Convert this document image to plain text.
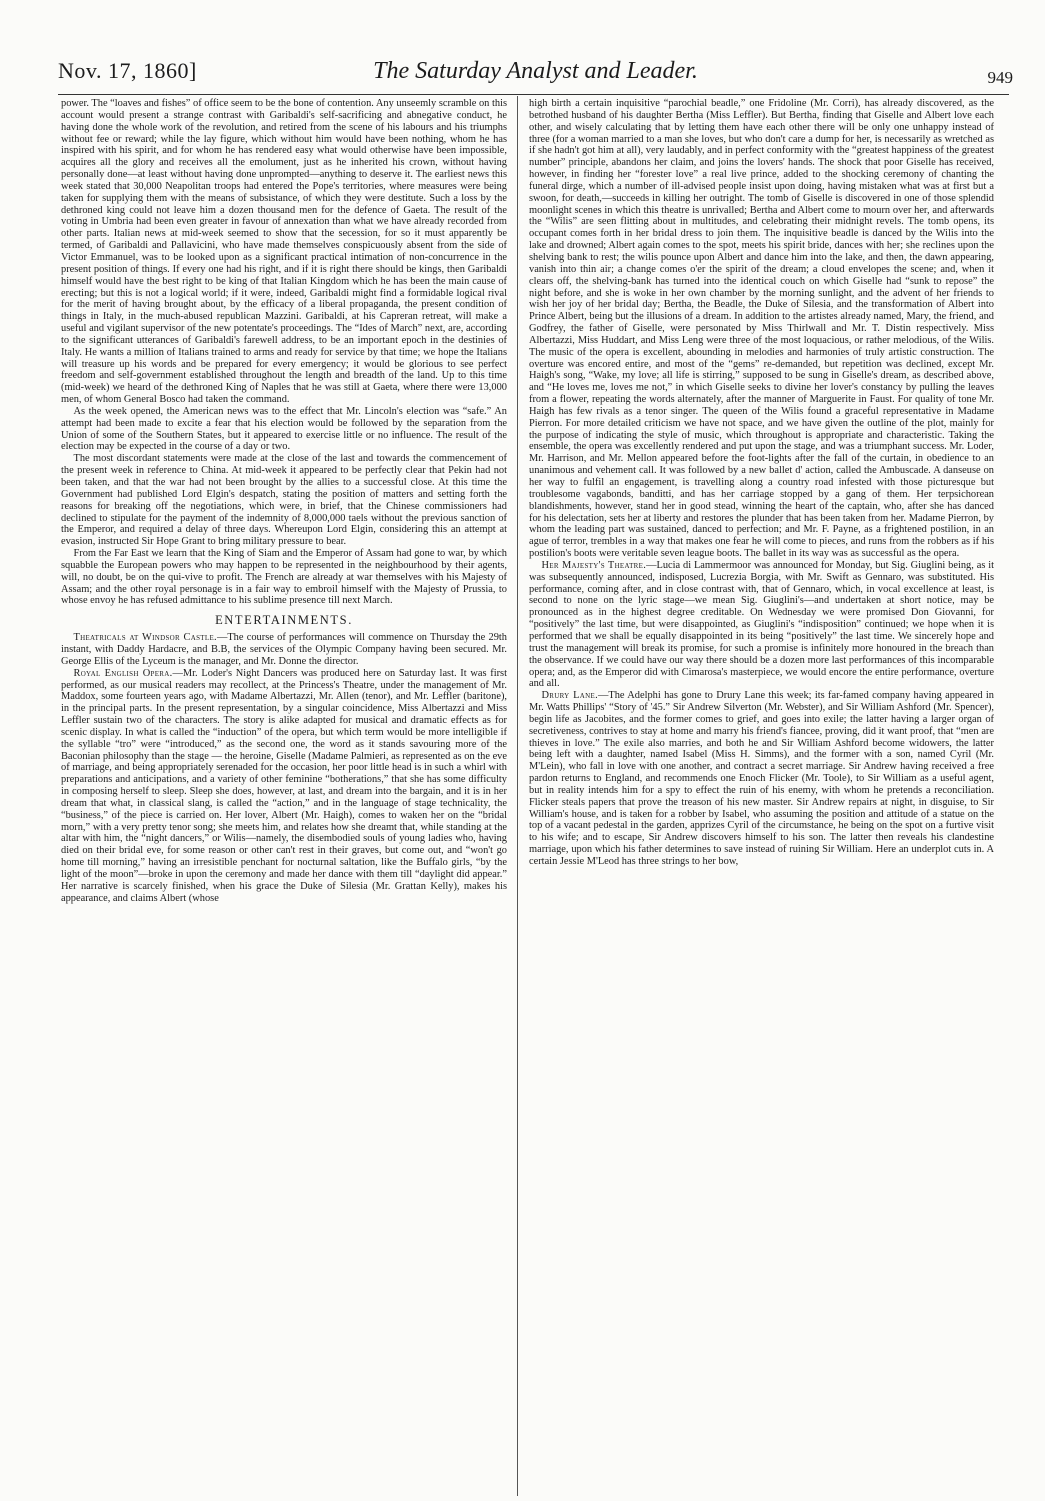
Nov. 17, 1860]	The Saturday Analyst and Leader.	949

power. The “loaves and fishes” of office seem to be the bone of contention. Any unseemly scramble on this account would present a strange contrast with Garibaldi's self-sacrificing and abnegative conduct, he having done the whole work of the revolution, and retired from the scene of his labours and his triumphs without fee or reward; while the lay figure, which without him would have been nothing, whom he has inspired with his spirit, and for whom he has rendered easy what would otherwise have been impossible, acquires all the glory and receives all the emolument, just as he inherited his crown, without having personally done—at least without having done unprompted—anything to deserve it. The earliest news this week stated that 30,000 Neapolitan troops had entered the Pope's territories, where measures were being taken for supplying them with the means of subsistance, of which they were destitute. Such a loss by the dethroned king could not leave him a dozen thousand men for the defence of Gaeta. The result of the voting in Umbria had been even greater in favour of annexation than what we have already recorded from other parts. Italian news at mid-week seemed to show that the secession, for so it must apparently be termed, of Garibaldi and Pallavicini, who have made themselves conspicuously absent from the side of Victor Emmanuel, was to be looked upon as a significant practical intimation of non-concurrence in the present position of things. If every one had his right, and if it is right there should be kings, then Garibaldi himself would have the best right to be king of that Italian Kingdom which he has been the main cause of erecting; but this is not a logical world; if it were, indeed, Garibaldi might find a formidable logical rival for the merit of having brought about, by the efficacy of a liberal propaganda, the present condition of things in Italy, in the much-abused republican Mazzini. Garibaldi, at his Capreran retreat, will make a useful and vigilant supervisor of the new potentate's proceedings. The “Ides of March” next, are, according to the significant utterances of Garibaldi's farewell address, to be an important epoch in the destinies of Italy. He wants a million of Italians trained to arms and ready for service by that time; we hope the Italians will treasure up his words and be prepared for every emergency; it would be glorious to see perfect freedom and self-government established throughout the length and breadth of the land. Up to this time (mid-week) we heard of the dethroned King of Naples that he was still at Gaeta, where there were 13,000 men, of whom General Bosco had taken the command.

As the week opened, the American news was to the effect that Mr. Lincoln's election was “safe.” An attempt had been made to excite a fear that his election would be followed by the separation from the Union of some of the Southern States, but it appeared to exercise little or no influence. The result of the election may be expected in the course of a day or two.

The most discordant statements were made at the close of the last and towards the commencement of the present week in reference to China. At mid-week it appeared to be perfectly clear that Pekin had not been taken, and that the war had not been brought by the allies to a successful close. At this time the Government had published Lord Elgin's despatch, stating the position of matters and setting forth the reasons for breaking off the negotiations, which were, in brief, that the Chinese commissioners had declined to stipulate for the payment of the indemnity of 8,000,000 taels without the previous sanction of the Emperor, and required a delay of three days. Whereupon Lord Elgin, considering this an attempt at evasion, instructed Sir Hope Grant to bring military pressure to bear.

From the Far East we learn that the King of Siam and the Emperor of Assam had gone to war, by which squabble the European powers who may happen to be represented in the neighbourhood by their agents, will, no doubt, be on the qui-vive to profit. The French are already at war themselves with his Majesty of Assam; and the other royal personage is in a fair way to embroil himself with the Majesty of Prussia, to whose envoy he has refused admittance to his sublime presence till next March.

ENTERTAINMENTS.

Theatricals at Windsor Castle.—The course of performances will commence on Thursday the 29th instant, with Daddy Hardacre, and B.B, the services of the Olympic Company having been secured. Mr. George Ellis of the Lyceum is the manager, and Mr. Donne the director.

Royal English Opera.—Mr. Loder's Night Dancers was produced here on Saturday last. It was first performed, as our musical readers may recollect, at the Princess's Theatre, under the management of Mr. Maddox, some fourteen years ago, with Madame Albertazzi, Mr. Allen (tenor), and Mr. Leffler (baritone), in the principal parts. In the present representation, by a singular coincidence, Miss Albertazzi and Miss Leffler sustain two of the characters. The story is alike adapted for musical and dramatic effects as for scenic display. In what is called the “induction” of the opera, but which term would be more intelligible if the syllable “tro” were “introduced,” as the second one, the word as it stands savouring more of the Baconian philosophy than the stage — the heroine, Giselle (Madame Palmieri, as represented as on the eve of marriage, and being appropriately serenaded for the occasion, her poor little head is in such a whirl with preparations and anticipations, and a variety of other feminine “botherations,” that she has some difficulty in composing herself to sleep. Sleep she does, however, at last, and dream into the bargain, and it is in her dream that what, in classical slang, is called the “action,” and in the language of stage technicality, the “business,” of the piece is carried on. Her lover, Albert (Mr. Haigh), comes to waken her on the “bridal morn,” with a very pretty tenor song; she meets him, and relates how she dreamt that, while standing at the altar with him, the “night dancers,” or Wilis—namely, the disembodied souls of young ladies who, having died on their bridal eve, for some reason or other can't rest in their graves, but come out, and “won't go home till morning,” having an irresistible penchant for nocturnal saltation, like the Buffalo girls, “by the light of the moon”—broke in upon the ceremony and made her dance with them till “daylight did appear.” Her narrative is scarcely finished, when his grace the Duke of Silesia (Mr. Grattan Kelly), makes his appearance, and claims Albert (whose

high birth a certain inquisitive “parochial beadle,” one Fridoline (Mr. Corri), has already discovered, as the betrothed husband of his daughter Bertha (Miss Leffler). But Bertha, finding that Giselle and Albert love each other, and wisely calculating that by letting them have each other there will be only one unhappy instead of three (for a woman married to a man she loves, but who don't care a dump for her, is necessarily as wretched as if she hadn't got him at all), very laudably, and in perfect conformity with the “greatest happiness of the greatest number” principle, abandons her claim, and joins the lovers' hands. The shock that poor Giselle has received, however, in finding her “forester love” a real live prince, added to the shocking ceremony of chanting the funeral dirge, which a number of ill-advised people insist upon doing, having mistaken what was at first but a swoon, for death,—succeeds in killing her outright. The tomb of Giselle is discovered in one of those splendid moonlight scenes in which this theatre is unrivalled; Bertha and Albert come to mourn over her, and afterwards the “Wilis” are seen flitting about in multitudes, and celebrating their midnight revels. The tomb opens, its occupant comes forth in her bridal dress to join them. The inquisitive beadle is danced by the Wilis into the lake and drowned; Albert again comes to the spot, meets his spirit bride, dances with her; she reclines upon the shelving bank to rest; the wilis pounce upon Albert and dance him into the lake, and then, the dawn appearing, vanish into thin air; a change comes o'er the spirit of the dream; a cloud envelopes the scene; and, when it clears off, the shelving-bank has turned into the identical couch on which Giselle had “sunk to repose” the night before, and she is woke in her own chamber by the morning sunlight, and the advent of her friends to wish her joy of her bridal day; Bertha, the Beadle, the Duke of Silesia, and the transformation of Albert into Prince Albert, being but the illusions of a dream. In addition to the artistes already named, Mary, the friend, and Godfrey, the father of Giselle, were personated by Miss Thirlwall and Mr. T. Distin respectively. Miss Albertazzi, Miss Huddart, and Miss Leng were three of the most loquacious, or rather melodious, of the Wilis. The music of the opera is excellent, abounding in melodies and harmonies of truly artistic construction. The overture was encored entire, and most of the “gems” re-demanded, but repetition was declined, except Mr. Haigh's song, “Wake, my love; all life is stirring,” supposed to be sung in Giselle's dream, as described above, and “He loves me, loves me not,” in which Giselle seeks to divine her lover's constancy by pulling the leaves from a flower, repeating the words alternately, after the manner of Marguerite in Faust. For quality of tone Mr. Haigh has few rivals as a tenor singer. The queen of the Wilis found a graceful representative in Madame Pierron. For more detailed criticism we have not space, and we have given the outline of the plot, mainly for the purpose of indicating the style of music, which throughout is appropriate and characteristic. Taking the ensemble, the opera was excellently rendered and put upon the stage, and was a triumphant success. Mr. Loder, Mr. Harrison, and Mr. Mellon appeared before the foot-lights after the fall of the curtain, in obedience to an unanimous and vehement call. It was followed by a new ballet d' action, called the Ambuscade. A danseuse on her way to fulfil an engagement, is travelling along a country road infested with those picturesque but troublesome vagabonds, banditti, and has her carriage stopped by a gang of them. Her terpsichorean blandishments, however, stand her in good stead, winning the heart of the captain, who, after she has danced for his delectation, sets her at liberty and restores the plunder that has been taken from her. Madame Pierron, by whom the leading part was sustained, danced to perfection; and Mr. F. Payne, as a frightened postilion, in an ague of terror, trembles in a way that makes one fear he will come to pieces, and runs from the robbers as if his postilion's boots were veritable seven league boots. The ballet in its way was as successful as the opera.

Her Majesty's Theatre.—Lucia di Lammermoor was announced for Monday, but Sig. Giuglini being, as it was subsequently announced, indisposed, Lucrezia Borgia, with Mr. Swift as Gennaro, was substituted. His performance, coming after, and in close contrast with, that of Gennaro, which, in vocal excellence at least, is second to none on the lyric stage—we mean Sig. Giuglini's—and undertaken at short notice, may be pronounced as in the highest degree creditable. On Wednesday we were promised Don Giovanni, for “positively” the last time, but were disappointed, as Giuglini's “indisposition” continued; we hope when it is performed that we shall be equally disappointed in its being “positively” the last time. We sincerely hope and trust the management will break its promise, for such a promise is infinitely more honoured in the breach than the observance. If we could have our way there should be a dozen more last performances of this incomparable opera; and, as the Emperor did with Cimarosa's masterpiece, we would encore the entire performance, overture and all.

Drury Lane.—The Adelphi has gone to Drury Lane this week; its far-famed company having appeared in Mr. Watts Phillips' “Story of '45.” Sir Andrew Silverton (Mr. Webster), and Sir William Ashford (Mr. Spencer), begin life as Jacobites, and the former comes to grief, and goes into exile; the latter having a larger organ of secretiveness, contrives to stay at home and marry his friend's fiancee, proving, did it want proof, that “men are thieves in love.” The exile also marries, and both he and Sir William Ashford become widowers, the latter being left with a daughter, named Isabel (Miss H. Simms), and the former with a son, named Cyril (Mr. M'Lein), who fall in love with one another, and contract a secret marriage. Sir Andrew having received a free pardon returns to England, and recommends one Enoch Flicker (Mr. Toole), to Sir William as a useful agent, but in reality intends him for a spy to effect the ruin of his enemy, with whom he pretends a reconciliation. Flicker steals papers that prove the treason of his new master. Sir Andrew repairs at night, in disguise, to Sir William's house, and is taken for a robber by Isabel, who assuming the position and attitude of a statue on the top of a vacant pedestal in the garden, apprizes Cyril of the circumstance, he being on the spot on a furtive visit to his wife; and to escape, Sir Andrew discovers himself to his son. The latter then reveals his clandestine marriage, upon which his father determines to save instead of ruining Sir William. Here an underplot cuts in. A certain Jessie M'Leod has three strings to her bow,
